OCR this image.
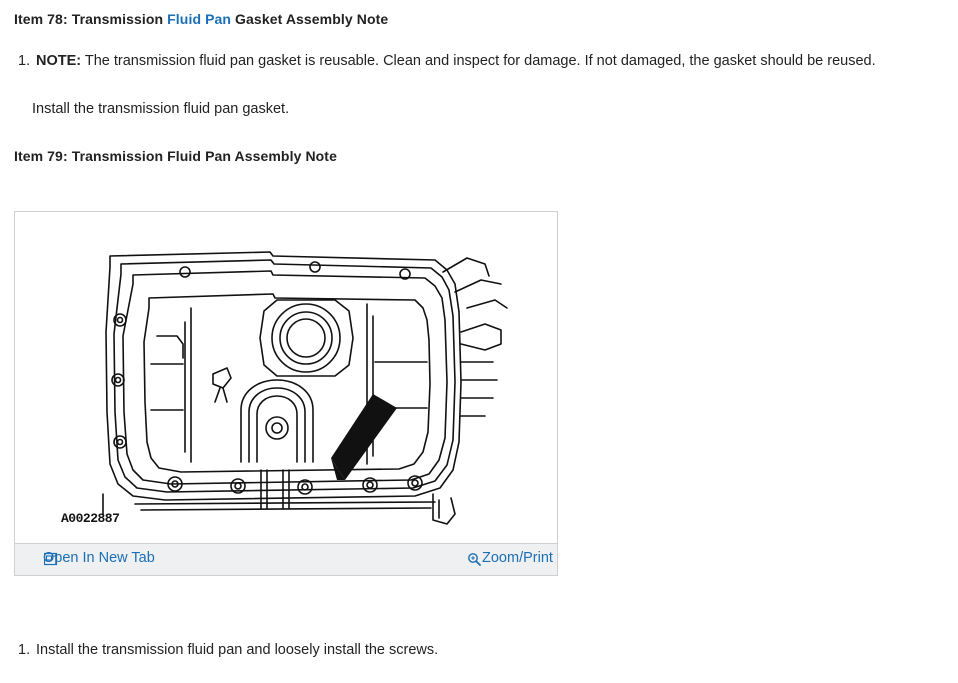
Item 78: Transmission Fluid Pan Gasket Assembly Note
1. NOTE: The transmission fluid pan gasket is reusable. Clean and inspect for damage. If not damaged, the gasket should be reused.
Install the transmission fluid pan gasket.
Item 79: Transmission Fluid Pan Assembly Note
A0022887
Open In New Tab	Zoom/Print
1. Install the transmission fluid pan and loosely install the screws.
